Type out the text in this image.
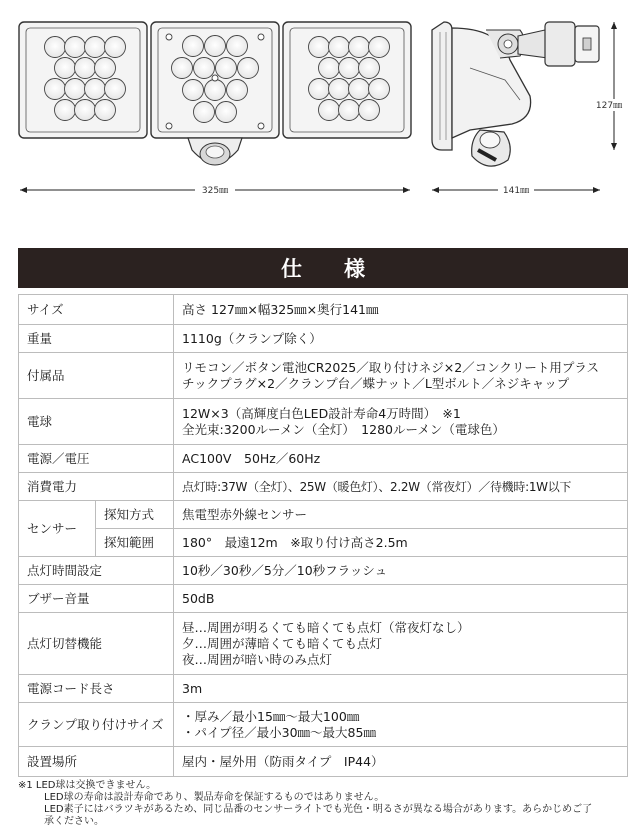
325㎜	141㎜
127㎜
仕　　様
サイズ		高さ 127㎜×幅325㎜×奥行141㎜
重量		1110g（クランプ除く）
付属品		リモコン／ボタン電池CR2025／取り付けネジ×2／コンクリート用プラス
チックプラグ×2／クランプ台／蝶ナット／L型ボルト／ネジキャップ

電球		12W×3（高輝度白色LED設計寿命4万時間）　※1
全光束:3200ルーメン（全灯）　1280ルーメン（電球色）

電源／電圧		AC100V　50Hz／60Hz
消費電力		点灯時:37W（全灯）、25W（暖色灯）、2.2W（常夜灯）／待機時:1W以下
センサー	探知方式	焦電型赤外線センサー
	探知範囲	180°　最遠12m　※取り付け高さ2.5m
点灯時間設定		10秒／30秒／5分／10秒フラッシュ
ブザー音量		50dB
点灯切替機能		昼…周囲が明るくても暗くても点灯（常夜灯なし）
夕…周囲が薄暗くても暗くても点灯
夜…周囲が暗い時のみ点灯

電源コード長さ		3m
クランプ取り付けサイズ		・厚み／最小15㎜〜最大100㎜
・パイプ径／最小30㎜〜最大85㎜

設置場所		屋内・屋外用（防雨タイプ　IP44）
※1 LED球は交換できません。
LED球の寿命は設計寿命であり、製品寿命を保証するものではありません。
LED素子にはバラツキがあるため、同じ品番のセンサーライトでも光色・明るさが異なる場合があります。あらかじめご了
承ください。
